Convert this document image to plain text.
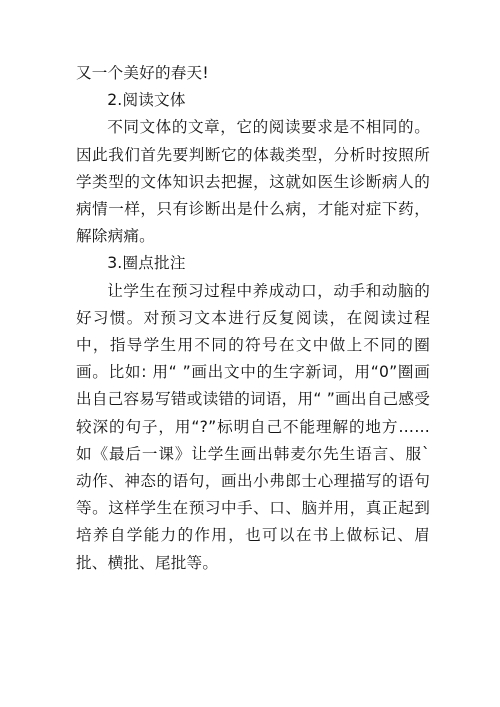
又一个美好的春天!

2.阅读文体

不同文体的文章，它的阅读要求是不相同的。因此我们首先要判断它的体裁类型，分析时按照所学类型的文体知识去把握，这就如医生诊断病人的病情一样，只有诊断出是什么病，才能对症下药，解除病痛。

3.圈点批注

让学生在预习过程中养成动口，动手和动脑的好习惯。对预习文本进行反复阅读，在阅读过程中，指导学生用不同的符号在文中做上不同的圈画。比如: 用“ ”画出文中的生字新词，用“0”圈画出自己容易写错或读错的词语，用“ ”画出自己感受较深的句子，用“?”标明自己不能理解的地方……如《最后一课》让学生画出韩麦尔先生语言、服`动作、神态的语句，画出小弗郎士心理描写的语句等。这样学生在预习中手、口、脑并用，真正起到培养自学能力的作用，也可以在书上做标记、眉批、横批、尾批等。
